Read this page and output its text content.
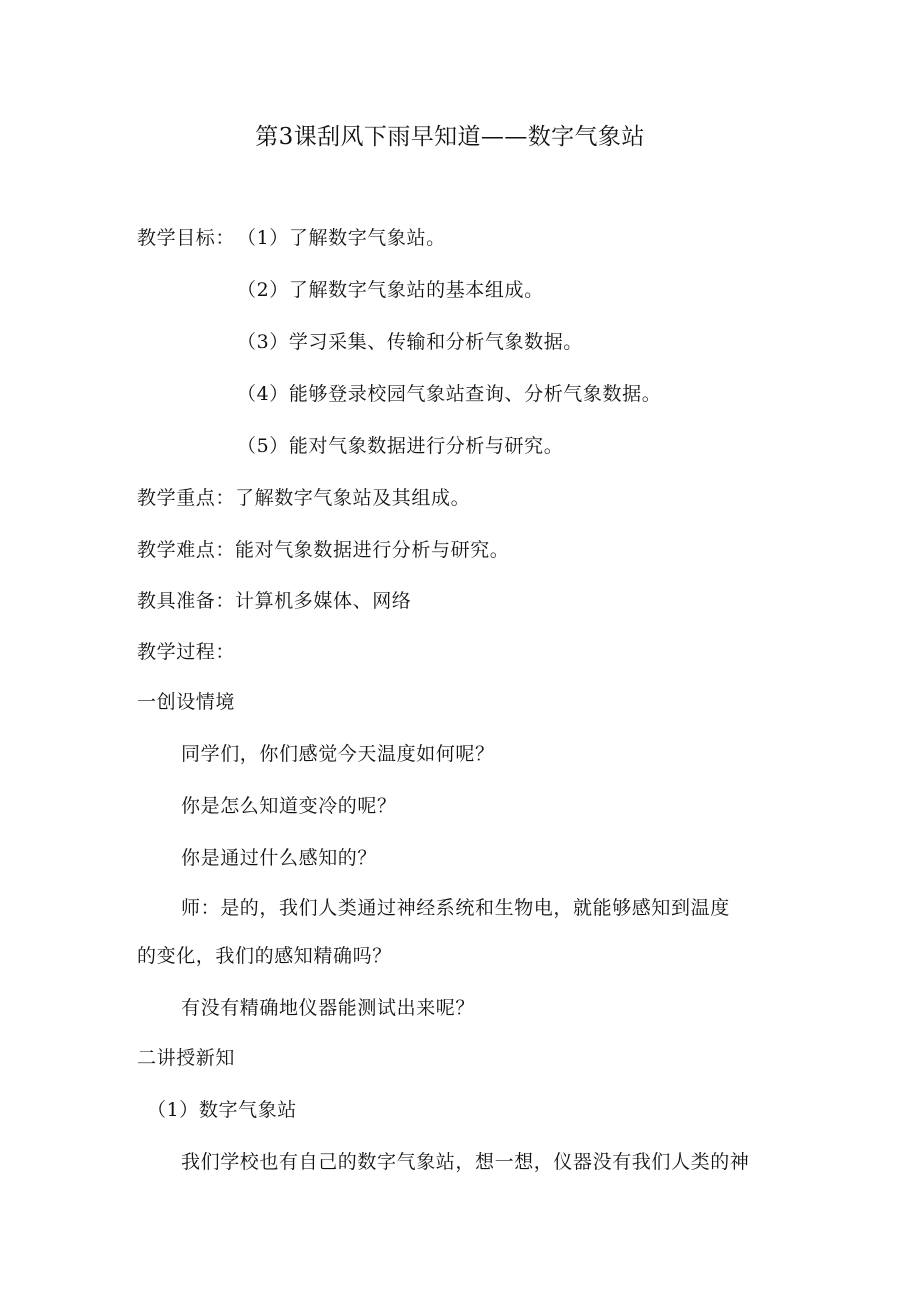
第3课刮风下雨早知道——数字气象站
教学目标： （1）了解数字气象站。
（2）了解数字气象站的基本组成。
（3）学习采集、传输和分析气象数据。
（4）能够登录校园气象站查询、分析气象数据。
（5）能对气象数据进行分析与研究。
教学重点：了解数字气象站及其组成。
教学难点：能对气象数据进行分析与研究。
教具准备：计算机多媒体、网络
教学过程：
一创设情境
同学们，你们感觉今天温度如何呢？
你是怎么知道变冷的呢？
你是通过什么感知的？
师：是的，我们人类通过神经系统和生物电，就能够感知到温度
的变化，我们的感知精确吗？
有没有精确地仪器能测试出来呢？
二讲授新知
（1）数字气象站
我们学校也有自己的数字气象站，想一想，仪器没有我们人类的神
